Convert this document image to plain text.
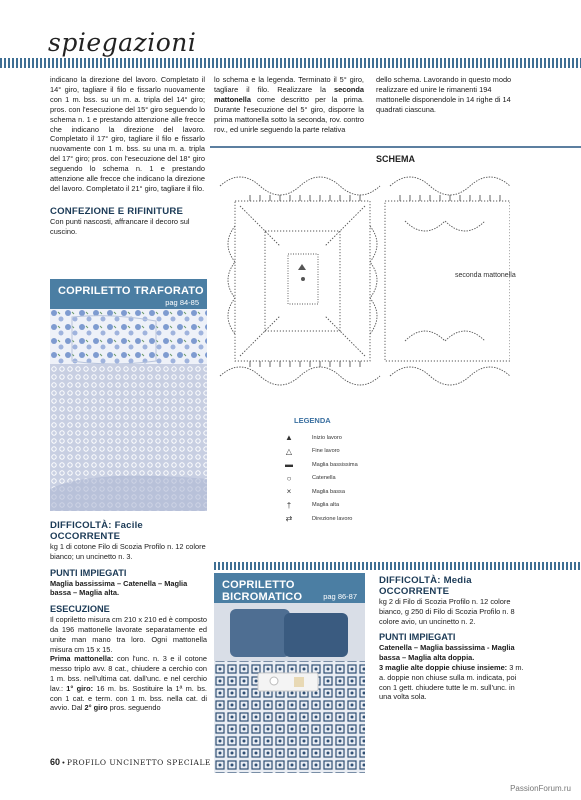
spiegazioni

indicano la direzione del lavoro. Completato il 14° giro, tagliare il filo e fissarlo nuovamente con 1 m. bss. su un m. a. tripla del 14° giro; pros. con l'esecuzione del 15° giro seguendo lo schema n. 1 e prestando attenzione alle frecce che indicano la direzione del lavoro. Completato il 17° giro, tagliare il filo e fissarlo nuovamente con 1 m. bss. su una m. a. tripla del 17° giro; pros. con l'esecuzione del 18° giro seguendo lo schema n. 1 e prestando attenzione alle frecce che indicano la direzione del lavoro. Completato il 21° giro, tagliare il filo.

CONFEZIONE E RIFINITURE

Con punti nascosti, affrancare il decoro sul cuscino.

lo schema e la legenda. Terminato il 5° giro, tagliare il filo. Realizzare la seconda mattonella come descritto per la prima. Durante l'esecuzione del 5° giro, disporre la prima mattonella sotto la seconda, rov. contro rov., ed unirle seguendo la parte relativa

dello schema. Lavorando in questo modo realizzare ed unire le rimanenti 194 mattonelle disponendole in 14 righe di 14 quadrati ciascuna.

COPRILETTO TRAFORATO
pag 84-85
SCHEMA
seconda mattonella
LEGENDA
▲	Inizio lavoro
△	Fine lavoro
▬	Maglia bassissima
○	Catenella
×	Maglia bassa
†	Maglia alta
⇄	Direzione lavoro
DIFFICOLTÀ: Facile
OCCORRENTE

kg 1 di cotone Filo di Scozia Profilo n. 12 colore bianco; un uncinetto n. 3.

PUNTI IMPIEGATI

Maglia bassissima – Catenella – Maglia bassa – Maglia alta.

ESECUZIONE

Il copriletto misura cm 210 x 210 ed è composto da 196 mattonelle lavorate separatamente ed unite man mano tra loro. Ogni mattonella misura cm 15 x 15.

Prima mattonella: con l'unc. n. 3 e il cotone messo triplo avv. 8 cat., chiudere a cerchio con 1 m. bss. nell'ultima cat. dall'unc. e nel cerchio lav.: 1° giro: 16 m. bs. Sostituire la 1ª m. bs. con 1 cat. e term. con 1 m. bss. nella cat. di avvio. Dal 2° giro pros. seguendo

COPRILETTO BICROMATICO	pag 86-87
DIFFICOLTÀ: Media
OCCORRENTE

kg 2 di Filo di Scozia Profilo n. 12 colore bianco, g 250 di Filo di Scozia Profilo n. 8 colore avio, un uncinetto n. 2.

PUNTI IMPIEGATI

Catenella – Maglia bassissima - Maglia bassa – Maglia alta doppia.

3 maglie alte doppie chiuse insieme: 3 m. a. doppie non chiuse sulla m. indicata, poi con 1 gett. chiudere tutte le m. sull'unc. in una volta sola.

60 • PROFILO UNCINETTO SPECIALE
PassionForum.ru
